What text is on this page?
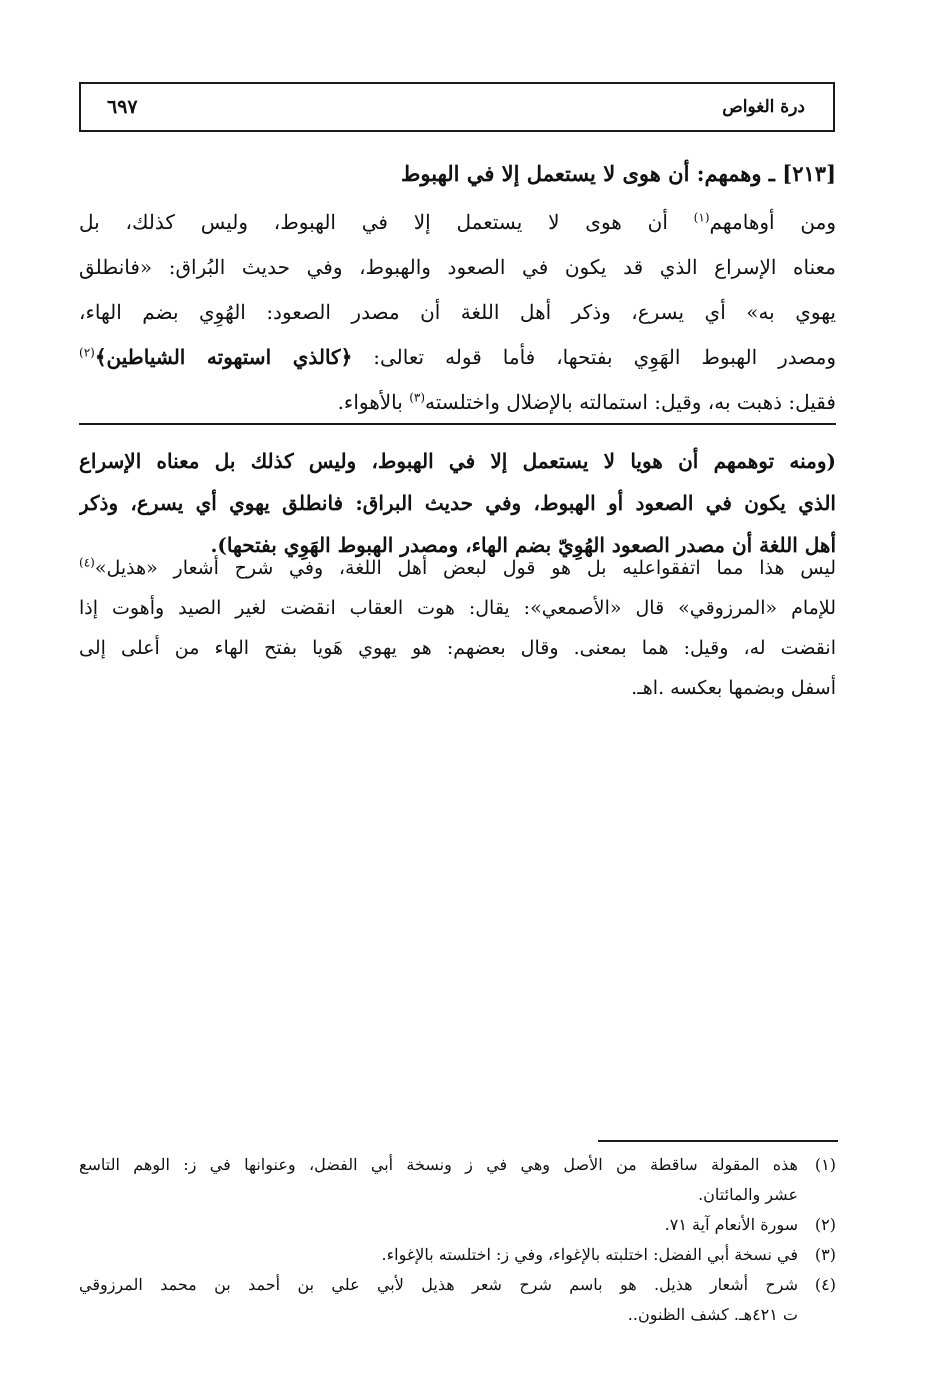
درة الغواص
٦٩٧
[٢١٣] ـ وهمهم: أن هوى لا يستعمل إلا في الهبوط
ومن أوهامهم$^{(١)}$ أن هوى لا يستعمل إلا في الهبوط، وليس كذلك، بل
معناه الإسراع الذي قد يكون في الصعود والهبوط، وفي حديث البُراق: «فانطلق
يهوي به» أي يسرع، وذكر أهل اللغة أن مصدر الصعود: الهُوِي بضم الهاء،
ومصدر الهبوط الهَوِي بفتحها، فأما قوله تعالى: ﴿كالذي استهوته الشياطين﴾$^{(٢)}$
فقيل: ذهبت به، وقيل: استمالته بالإضلال واختلسته$^{(٣)}$ بالأهواء.
(ومنه توهمهم أن هويا لا يستعمل إلا في الهبوط، وليس كذلك بل معناه الإسراع
الذي يكون في الصعود أو الهبوط، وفي حديث البراق: فانطلق يهوي أي يسرع، وذكر
أهل اللغة أن مصدر الصعود الهُوِيّ بضم الهاء، ومصدر الهبوط الهَوِي بفتحها).
ليس هذا مما اتفقواعليه بل هو قول لبعض أهل اللغة، وفي شرح أشعار «هذيل»$^{(٤)}$
للإمام «المرزوقي» قال «الأصمعي»: يقال: هوت العقاب انقضت لغير الصيد وأهوت إذا
انقضت له، وقيل: هما بمعنى. وقال بعضهم: هو يهوي هَويا بفتح الهاء من أعلى إلى
أسفل وبضمها بعكسه .اهـ.
(١)
هذه المقولة ساقطة من الأصل وهي في ز ونسخة أبي الفضل، وعنوانها في ز: الوهم التاسع
عشر والمائتان.
(٢)
سورة الأنعام آية ٧١.
(٣)
في نسخة أبي الفضل: اختلبته بالإغواء، وفي ز: اختلسته بالإغواء.
(٤)
شرح أشعار هذيل. هو باسم شرح شعر هذيل لأبي علي بن أحمد بن محمد المرزوقي
ت ٤٢١هـ. كشف الظنون..
